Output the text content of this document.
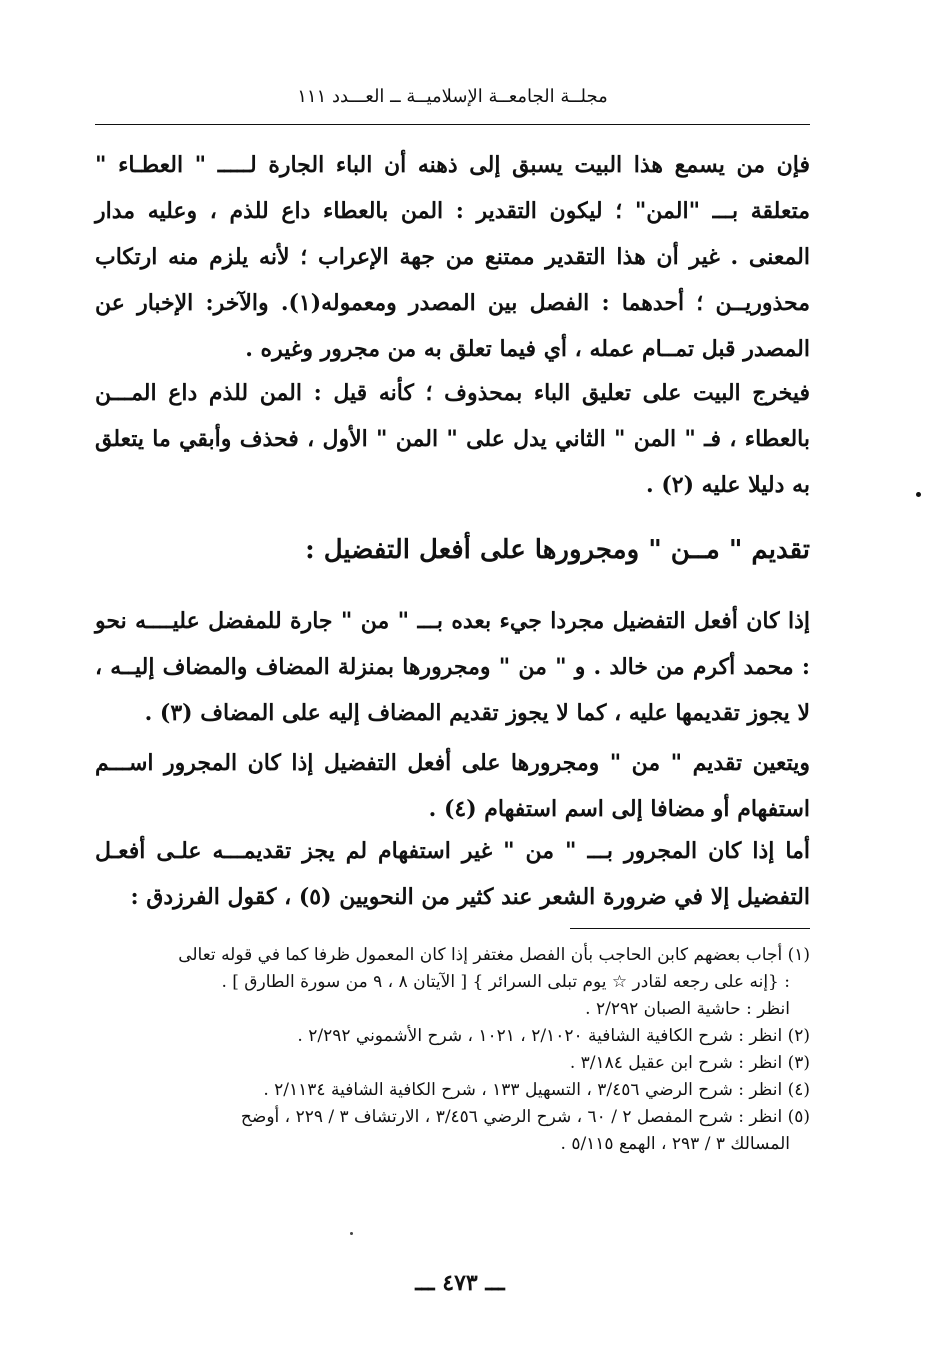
مجلــة الجامعــة الإسلاميــة ــ العـــدد ١١١

فإن من يسمع هذا البيت يسبق إلى ذهنه أن الباء الجارة لـــــ " العطـاء " متعلقة بـــ "المن" ؛ ليكون التقدير : المن بالعطاء داع للذم ، وعليه مدار المعنى . غير أن هذا التقدير ممتنع من جهة الإعراب ؛ لأنه يلزم منه ارتكاب محذوريــن ؛ أحدهما : الفصل بين المصدر ومعموله(١). والآخر: الإخبار عن المصدر قبل تمــام عمله ، أي فيما تعلق به من مجرور وغيره .

فيخرج البيت على تعليق الباء بمحذوف ؛ كأنه قيل : المن للذم داع المـــن بالعطاء ، فـ " المن " الثاني يدل على " المن " الأول ، فحذف وأبقي ما يتعلق به دليلا عليه (٢) .

تقديم " مــن " ومجرورها على أفعل التفضيل :

إذا كان أفعل التفضيل مجردا جيء بعده بـــ " من " جارة للمفضل عليــــه نحو : محمد أكرم من خالد . و " من " ومجرورها بمنزلة المضاف والمضاف إليــه ، لا يجوز تقديمها عليه ، كما لا يجوز تقديم المضاف إليه على المضاف (٣) .

ويتعين تقديم " من " ومجرورها على أفعل التفضيل إذا كان المجرور اســـم استفهام أو مضافا إلى اسم استفهام (٤) .

أما إذا كان المجرور بـــ " من " غير استفهام لم يجز تقديمـــه علـى أفعـل التفضيل إلا في ضرورة الشعر عند كثير من النحويين (٥) ، كقول الفرزدق :

(١) أجاب بعضهم كابن الحاجب بأن الفصل مغتفر إذا كان المعمول ظرفا كما في قوله تعالى
: {إنه على رجعه لقادر ☆ يوم تبلى السرائر } [ الآيتان ٨ ، ٩ من سورة الطارق ] .
انظر : حاشية الصبان ٢/٢٩٢ .

(٢) انظر : شرح الكافية الشافية ٢/١٠٢٠ ، ١٠٢١ ، شرح الأشموني ٢/٢٩٢ .

(٣) انظر : شرح ابن عقيل ٣/١٨٤ .

(٤) انظر : شرح الرضي ٣/٤٥٦ ، التسهيل ١٣٣ ، شرح الكافية الشافية ٢/١١٣٤ .

(٥) انظر : شرح المفصل ٢ / ٦٠ ، شرح الرضي ٣/٤٥٦ ، الارتشاف ٣ / ٢٢٩ ، أوضح
المسالك ٣ / ٢٩٣ ، الهمع ٥/١١٥ .

ـــ ٤٧٣ ـــ
